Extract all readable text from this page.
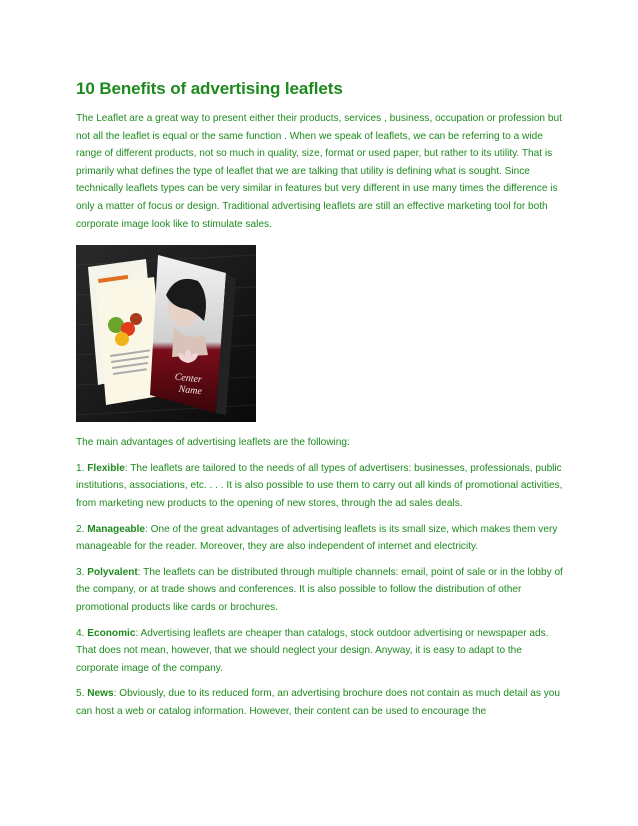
10 Benefits of advertising leaflets

The Leaflet are a great way to present either their products, services , business, occupation or profession but not all the leaflet is equal or the same function . When we speak of leaflets, we can be referring to a wide range of different products, not so much in quality, size, format or used paper, but rather to its utility. That is primarily what defines the type of leaflet that we are talking that utility is defining what is sought. Since technically leaflets types can be very similar in features but very different in use many times the difference is only a matter of focus or design. Traditional advertising leaflets are still an effective marketing tool for both corporate image look like to stimulate sales.

Center
Name

The main advantages of advertising leaflets are the following:

1. Flexible: The leaflets are tailored to the needs of all types of advertisers: businesses, professionals, public institutions, associations, etc. . . . It is also possible to use them to carry out all kinds of promotional activities, from marketing new products to the opening of new stores, through the ad sales deals.

2. Manageable: One of the great advantages of advertising leaflets is its small size, which makes them very manageable for the reader. Moreover, they are also independent of internet and electricity.

3. Polyvalent: The leaflets can be distributed through multiple channels: email, point of sale or in the lobby of the company, or at trade shows and conferences. It is also possible to follow the distribution of other promotional products like cards or brochures.

4. Economic: Advertising leaflets are cheaper than catalogs, stock outdoor advertising or newspaper ads. That does not mean, however, that we should neglect your design. Anyway, it is easy to adapt to the corporate image of the company.

5. News: Obviously, due to its reduced form, an advertising brochure does not contain as much detail as you can host a web or catalog information. However, their content can be used to encourage the
